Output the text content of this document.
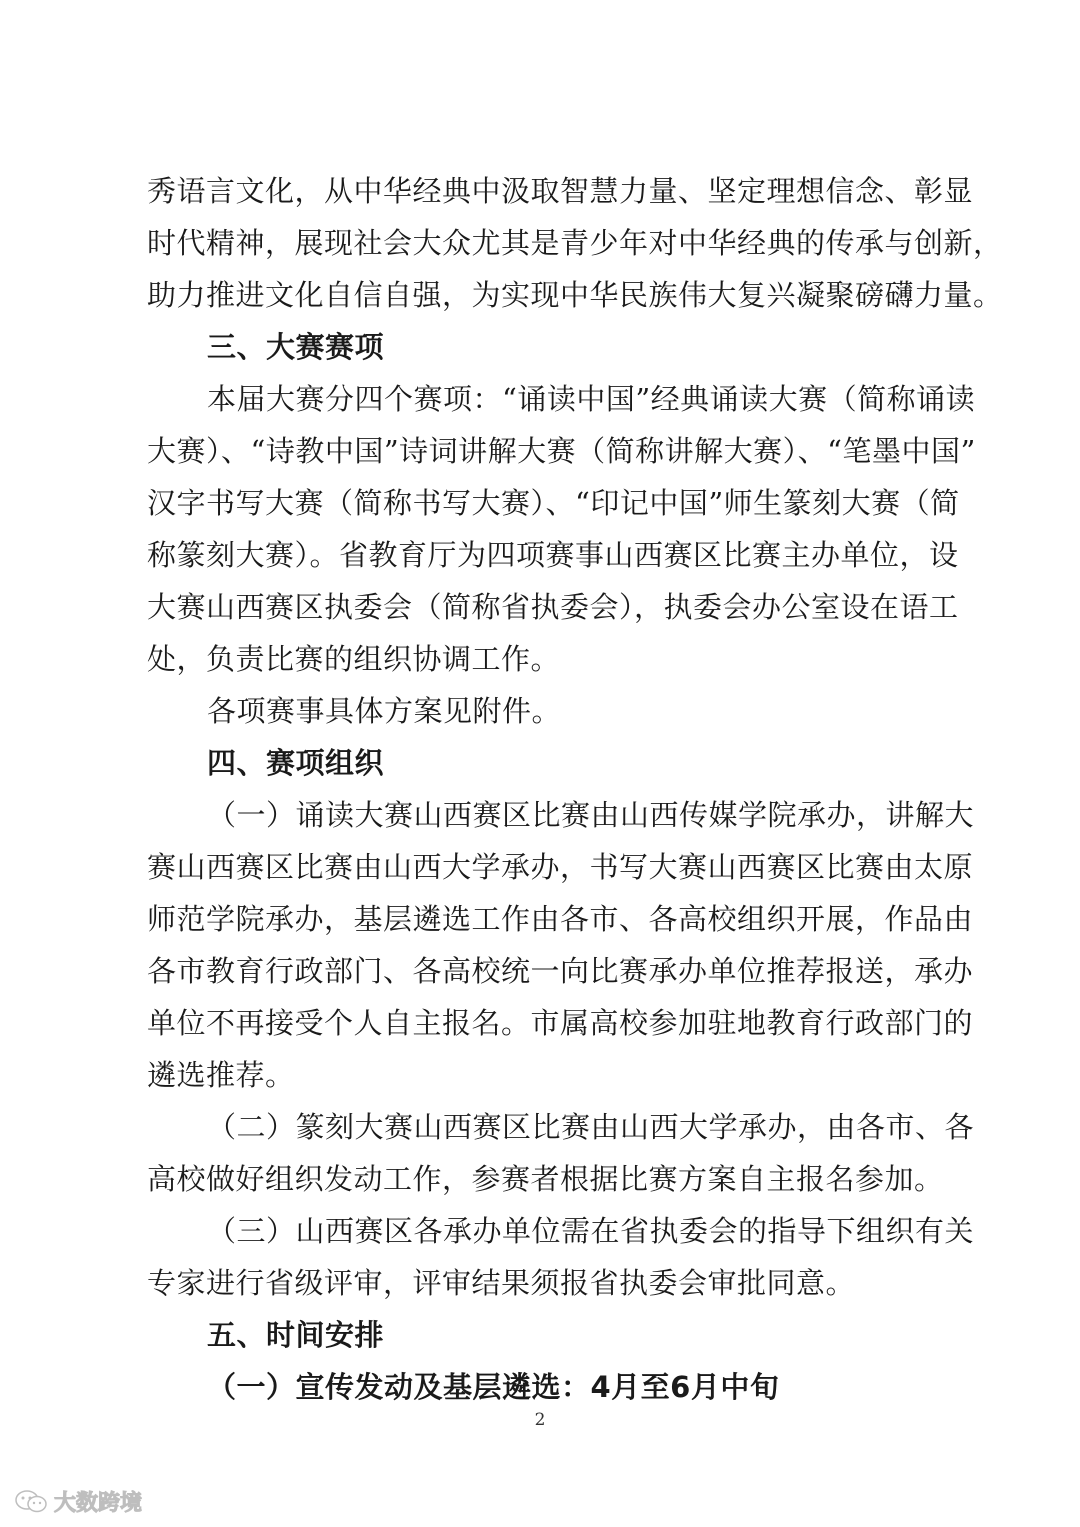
秀语言文化，从中华经典中汲取智慧力量、坚定理想信念、彰显
时代精神，展现社会大众尤其是青少年对中华经典的传承与创新，
助力推进文化自信自强，为实现中华民族伟大复兴凝聚磅礴力量。
三、大赛赛项
本届大赛分四个赛项：“诵读中国”经典诵读大赛（简称诵读
大赛）、“诗教中国”诗词讲解大赛（简称讲解大赛）、“笔墨中国”
汉字书写大赛（简称书写大赛）、“印记中国”师生篆刻大赛（简
称篆刻大赛）。省教育厅为四项赛事山西赛区比赛主办单位，设
大赛山西赛区执委会（简称省执委会），执委会办公室设在语工
处，负责比赛的组织协调工作。
各项赛事具体方案见附件。
四、赛项组织
（一）诵读大赛山西赛区比赛由山西传媒学院承办，讲解大
赛山西赛区比赛由山西大学承办，书写大赛山西赛区比赛由太原
师范学院承办，基层遴选工作由各市、各高校组织开展，作品由
各市教育行政部门、各高校统一向比赛承办单位推荐报送，承办
单位不再接受个人自主报名。市属高校参加驻地教育行政部门的
遴选推荐。
（二）篆刻大赛山西赛区比赛由山西大学承办，由各市、各
高校做好组织发动工作，参赛者根据比赛方案自主报名参加。
（三）山西赛区各承办单位需在省执委会的指导下组织有关
专家进行省级评审，评审结果须报省执委会审批同意。
五、时间安排
（一）宣传发动及基层遴选：4月至6月中旬
2
大数跨境
